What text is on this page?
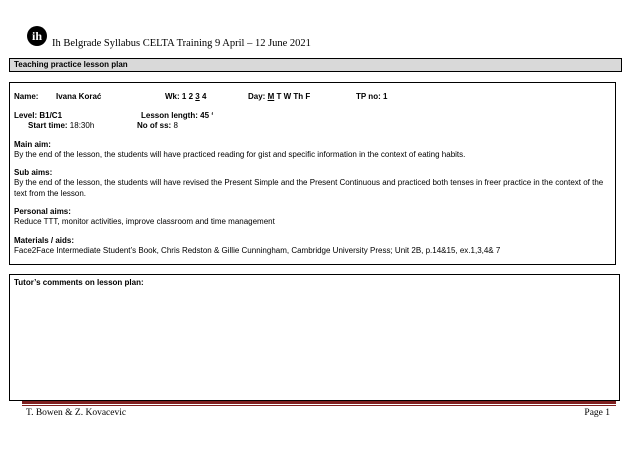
ih
Ih Belgrade Syllabus CELTA Training 9 April – 12 June 2021
Teaching practice lesson plan
Name: Ivana Korać	Wk: 1 2 3 4	Day: M T W Th F	TP no: 1
Level: B1/C1	Lesson length: 45 ‘
Start time: 18:30h	No of ss: 8
Main aim:
By the end of the lesson, the students will have practiced reading for gist and specific information in the context of eating habits.
Sub aims:
By the end of the lesson, the students will have revised the Present Simple and the Present Continuous and practiced both tenses in freer practice in the context of the text from the lesson.
Personal aims:
Reduce TTT, monitor activities, improve classroom and time management
Materials / aids:
Face2Face Intermediate Student’s Book, Chris Redston & Gillie Cunningham, Cambridge University Press; Unit 2B, p.14&15, ex.1,3,4& 7
Tutor’s comments on lesson plan:
T. Bowen & Z. Kovacevic	Page 1
